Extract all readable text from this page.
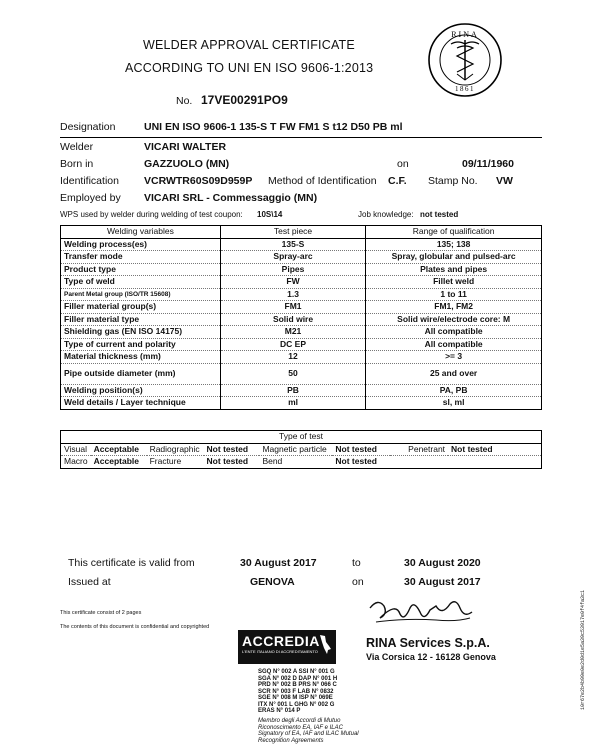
WELDER APPROVAL CERTIFICATE
ACCORDING TO UNI EN ISO 9606-1:2013
RINA
1861
No. 17VE00291PO9
Designation	UNI EN ISO 9606-1 135-S T FW FM1 S t12 D50 PB ml
Welder	VICARI WALTER
Born in	GAZZUOLO (MN)	on	09/11/1960
Identification VCRWTR60S09D959P Method of Identification C.F. Stamp No. VW
Employed by VICARI SRL - Commessaggio (MN)
WPS used by welder during welding of test coupon: 10S\14	Job knowledge: not tested
Welding variables	Test piece	Range of qualification
Welding process(es)	135-S	135; 138
Transfer mode	Spray-arc	Spray, globular and pulsed-arc
Product type	Pipes	Plates and pipes
Type of weld	FW	Fillet weld
Parent Metal group (ISO/TR 15608)	1.3	1 to 11
Filler material group(s)	FM1	FM1, FM2
Filler material type	Solid wire	Solid wire/electrode core: M
Shielding gas (EN ISO 14175)	M21	All compatible
Type of current and polarity	DC EP	All compatible
Material thickness (mm)	12	>= 3
Pipe outside diameter (mm)	50	25 and over
Welding position(s)	PB	PA, PB
Weld details / Layer technique	ml	sl, ml
Type of test							
Visual	Acceptable	Radiographic	Not tested	Magnetic particle	Not tested	Penetrant	Not tested
Macro	Acceptable	Fracture	Not tested	Bend	Not tested		
This certificate is valid from	30 August 2017	to	30 August 2020
Issued at	GENOVA	on	30 August 2017
This certificate consist of 2 pages
The contents of this document is confidential and copyrighted
ACCREDIA
L'ENTE ITALIANO DI ACCREDITAMENTO
SGQ N° 002 A SSI N° 001 G
SGA N° 002 D DAP N° 001 H
PRD N° 002 B PRS N° 066 C
SCR N° 003 F LAB N° 0832
SGE N° 008 M ISP N° 069E
ITX N° 001 L GHG N° 002 G
ERAS N° 014 P
Membro degli Accordi di Mutuo
Riconoscimento EA, IAF e ILAC
Signatory of EA, IAF and ILAC Mutual
Recognition Agreements
RINA Services S.p.A.
Via Corsica 12 - 16128 Genova	10r67e2b4b99e0e2d0d1e5a39c53917e0f4fa3c1
